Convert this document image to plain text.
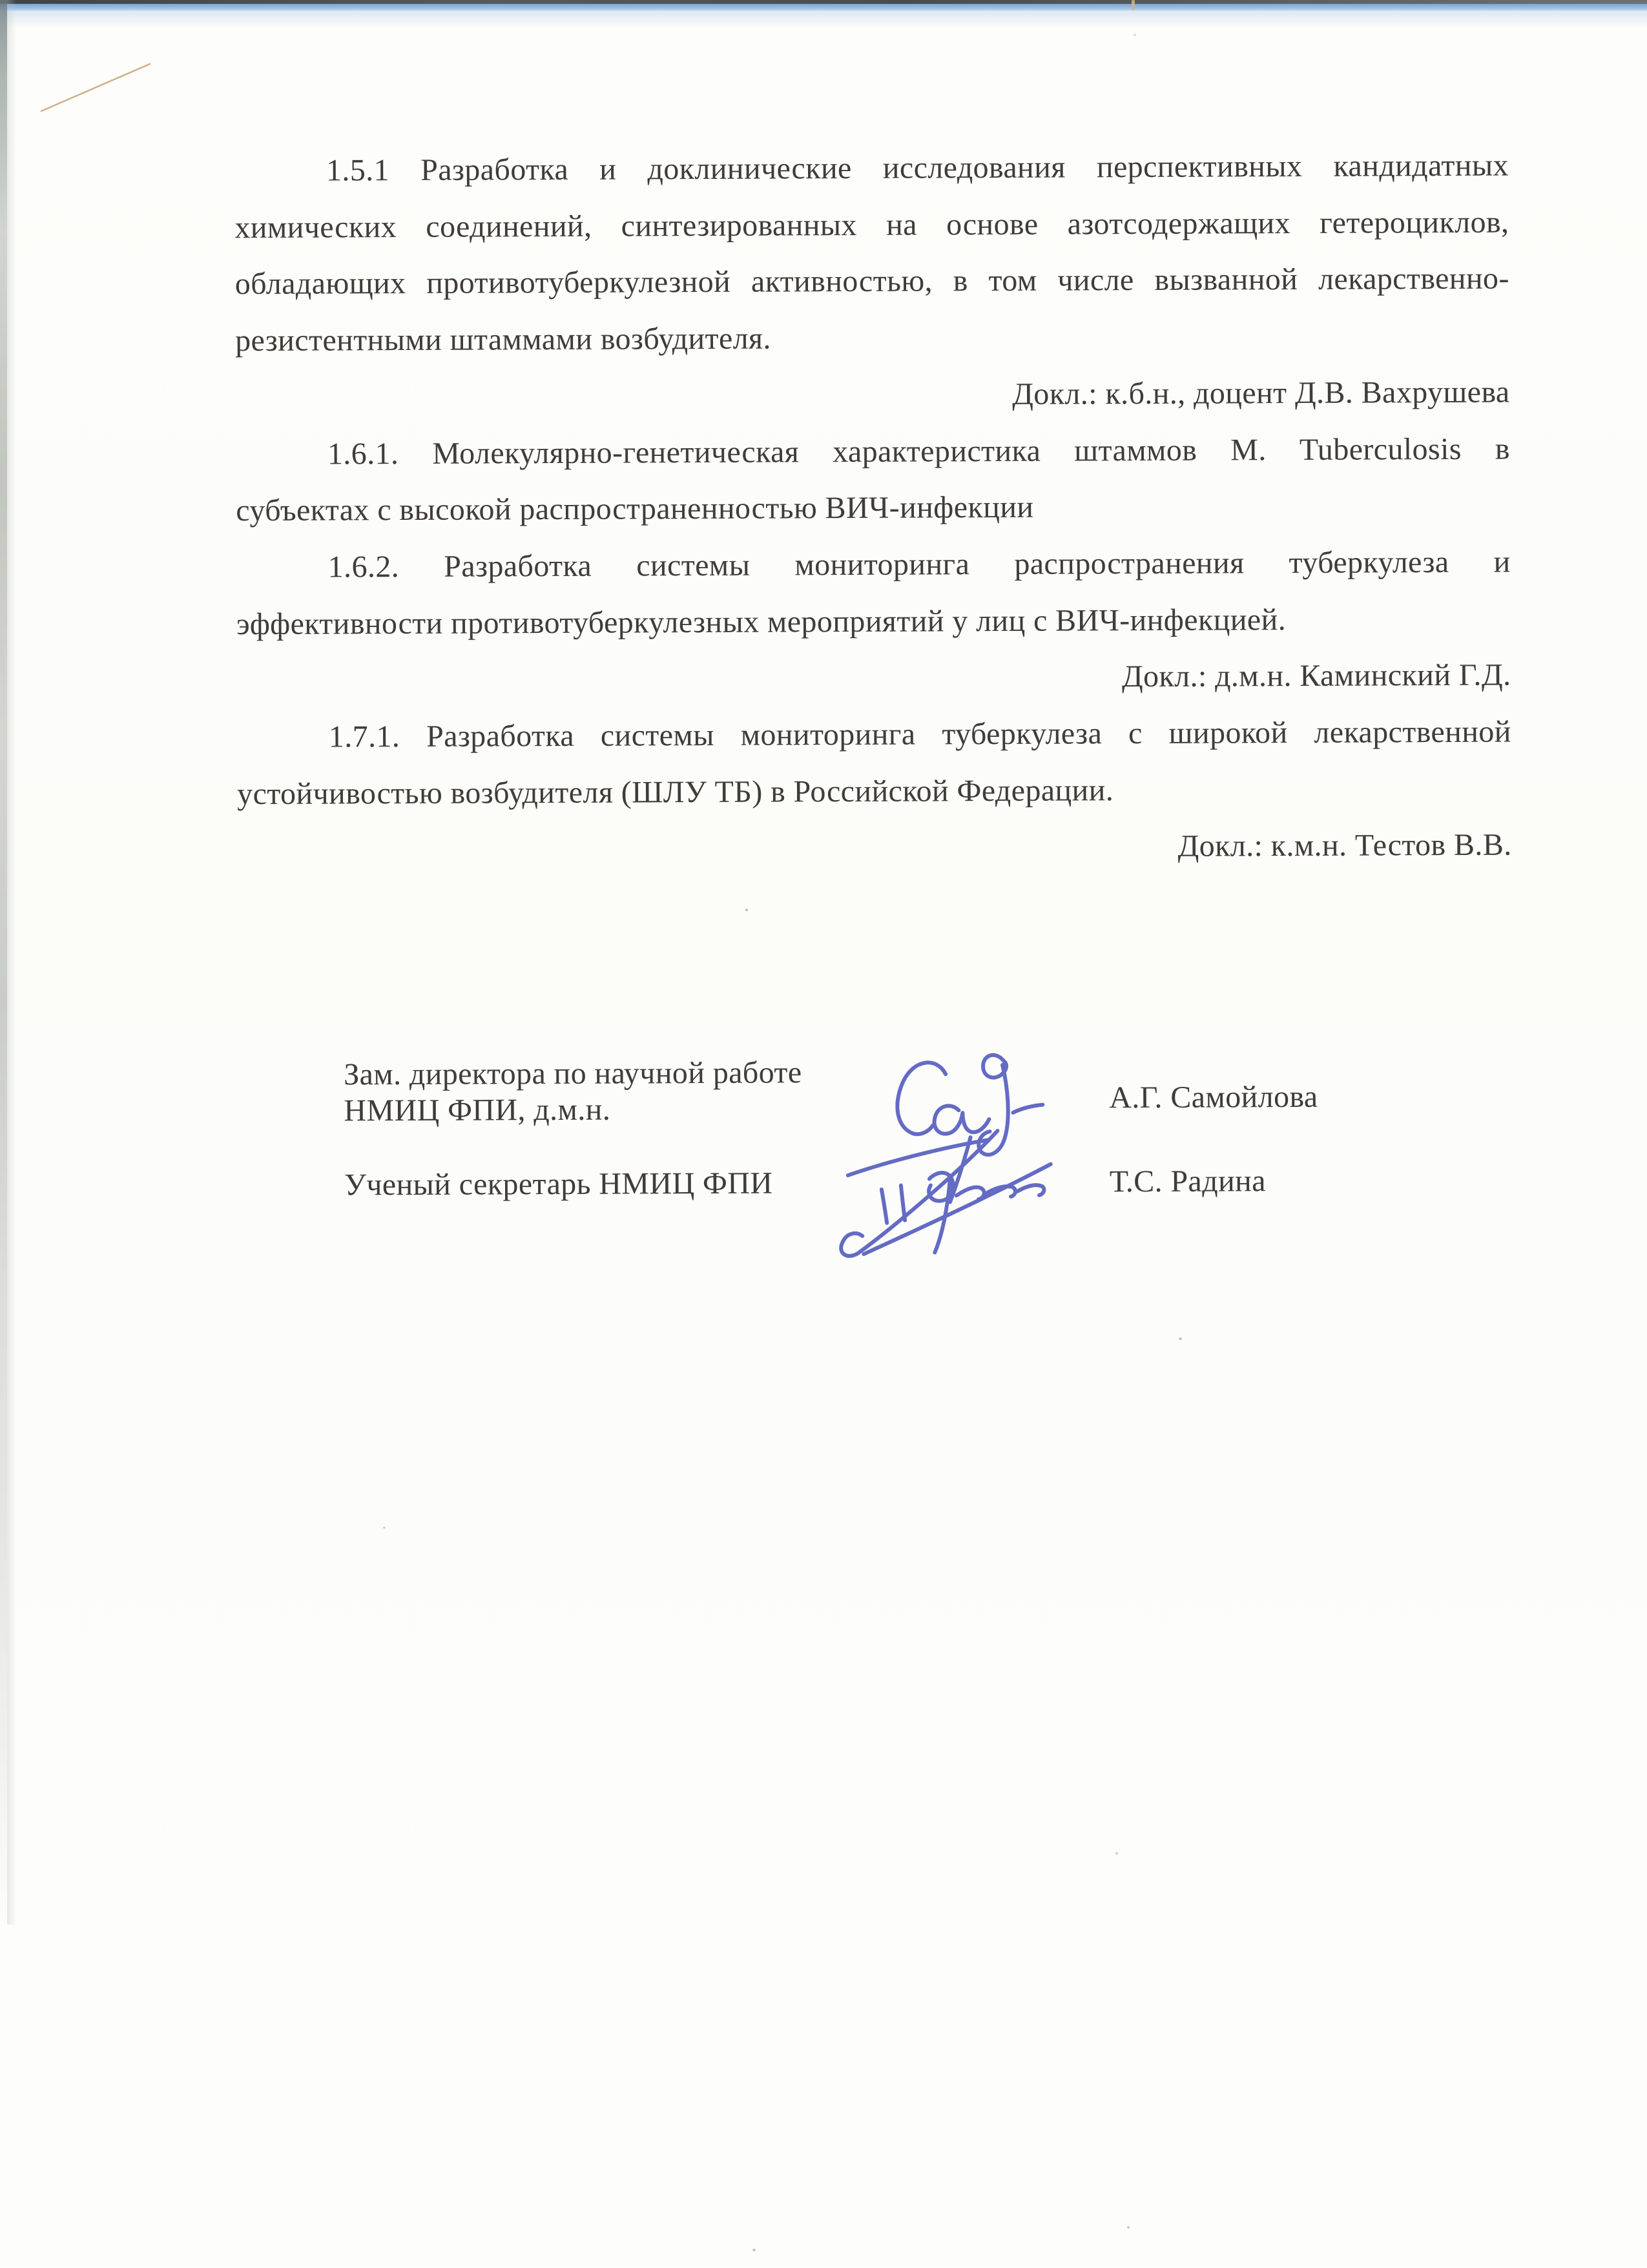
1.5.1 Разработка и доклинические исследования перспективных кандидатных
химических соединений, синтезированных на основе азотсодержащих гетероциклов,
обладающих противотуберкулезной активностью, в том числе вызванной лекарственно-
резистентными штаммами возбудителя.
Докл.: к.б.н., доцент Д.В. Вахрушева
1.6.1. Молекулярно-генетическая характеристика штаммов M. Tuberculosis в
субъектах с высокой распространенностью ВИЧ-инфекции
1.6.2. Разработка системы мониторинга распространения туберкулеза и
эффективности противотуберкулезных мероприятий у лиц с ВИЧ-инфекцией.
Докл.: д.м.н. Каминский Г.Д.
1.7.1. Разработка системы мониторинга туберкулеза с широкой лекарственной
устойчивостью возбудителя (ШЛУ ТБ) в Российской Федерации.
Докл.: к.м.н. Тестов В.В.
Зам. директора по научной работе
НМИЦ ФПИ, д.м.н.	А.Г. Самойлова
Ученый секретарь НМИЦ ФПИ	Т.С. Радина
